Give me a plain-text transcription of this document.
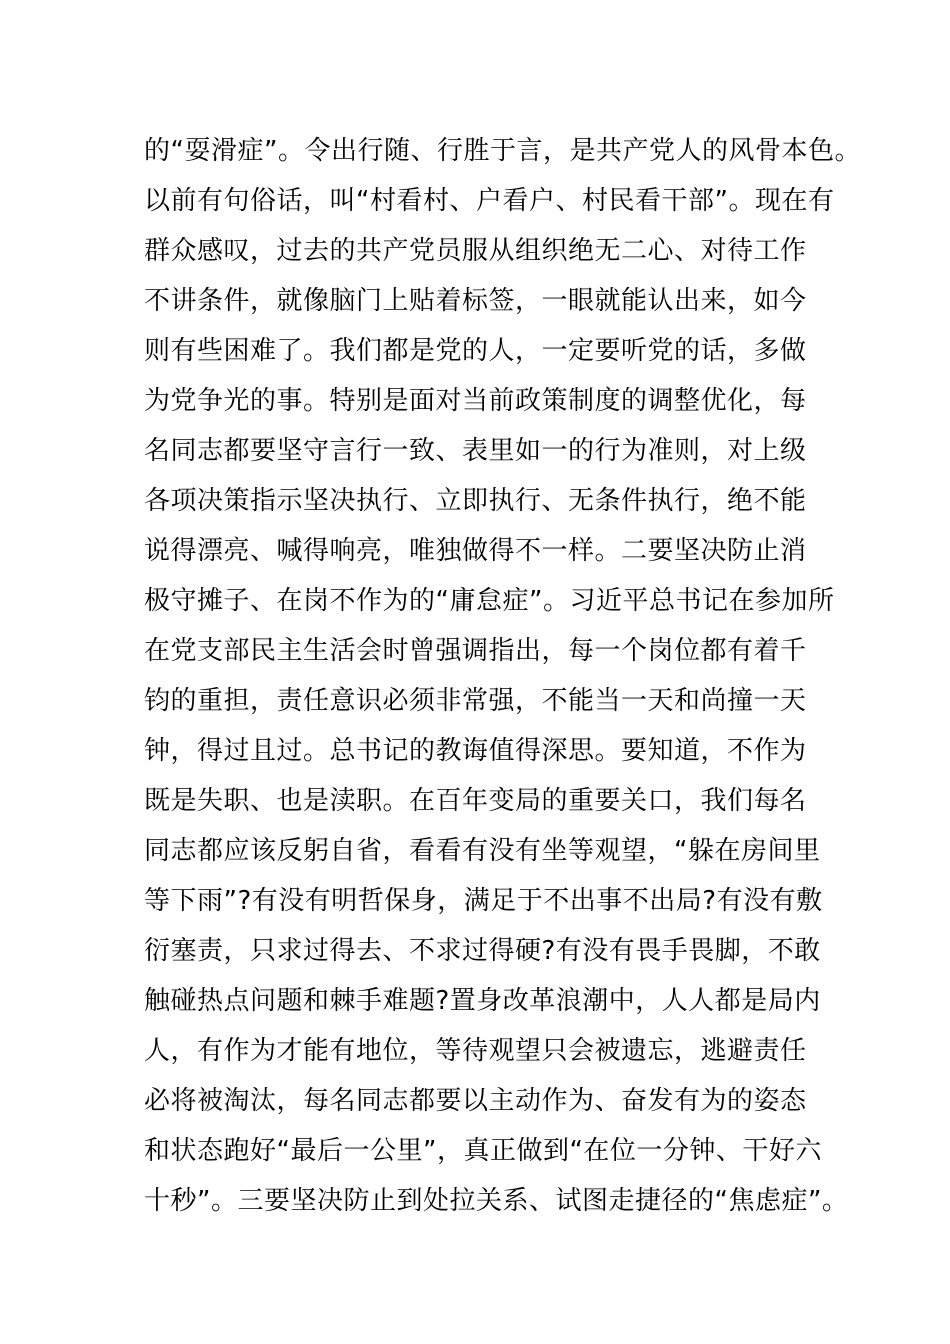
的“耍滑症”。令出行随、行胜于言，是共产党人的风骨本色。
以前有句俗话，叫“村看村、户看户、村民看干部”。现在有
群众感叹，过去的共产党员服从组织绝无二心、对待工作
不讲条件，就像脑门上贴着标签，一眼就能认出来，如今
则有些困难了。我们都是党的人，一定要听党的话，多做
为党争光的事。特别是面对当前政策制度的调整优化，每
名同志都要坚守言行一致、表里如一的行为准则，对上级
各项决策指示坚决执行、立即执行、无条件执行，绝不能
说得漂亮、喊得响亮，唯独做得不一样。二要坚决防止消
极守摊子、在岗不作为的“庸怠症”。习近平总书记在参加所
在党支部民主生活会时曾强调指出，每一个岗位都有着千
钧的重担，责任意识必须非常强，不能当一天和尚撞一天
钟，得过且过。总书记的教诲值得深思。要知道，不作为
既是失职、也是渎职。在百年变局的重要关口，我们每名
同志都应该反躬自省，看看有没有坐等观望，“躲在房间里
等下雨”?有没有明哲保身，满足于不出事不出局?有没有敷
衍塞责，只求过得去、不求过得硬?有没有畏手畏脚，不敢
触碰热点问题和棘手难题?置身改革浪潮中，人人都是局内
人，有作为才能有地位，等待观望只会被遗忘，逃避责任
必将被淘汰，每名同志都要以主动作为、奋发有为的姿态
和状态跑好“最后一公里”，真正做到“在位一分钟、干好六
十秒”。三要坚决防止到处拉关系、试图走捷径的“焦虑症”。
